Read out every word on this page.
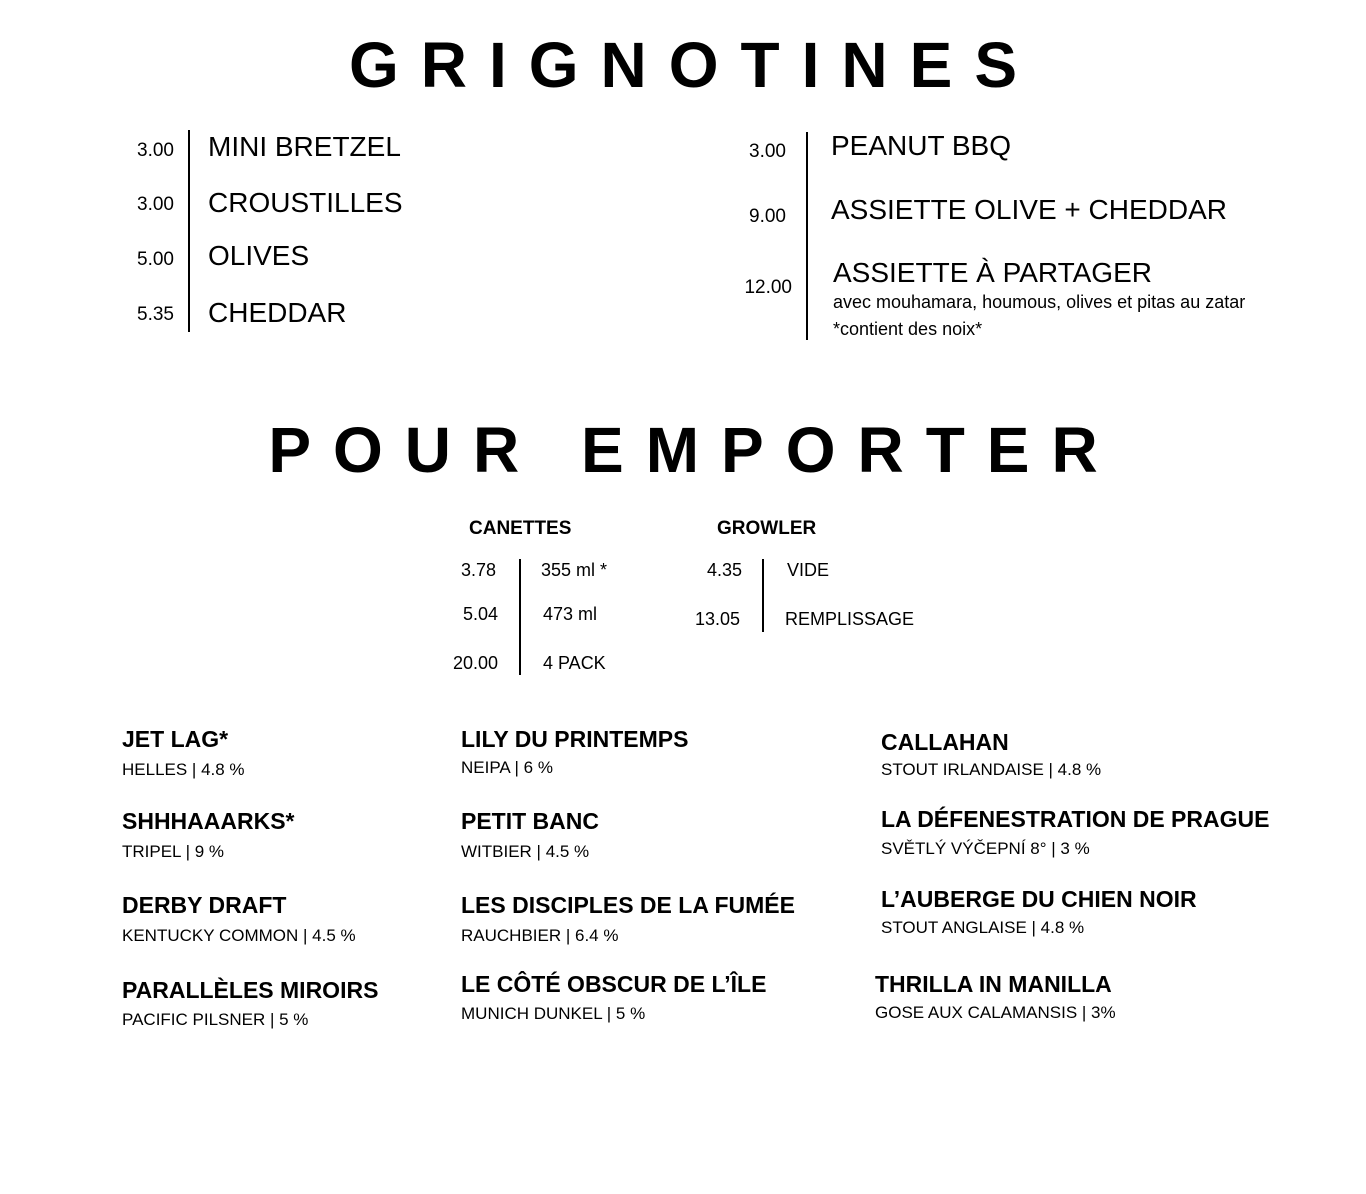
GRIGNOTINES
3.00 MINI BRETZEL
3.00 CROUSTILLES
5.00 OLIVES
5.35 CHEDDAR
3.00 PEANUT BBQ
9.00 ASSIETTE OLIVE + CHEDDAR
12.00 ASSIETTE À PARTAGER
avec mouhamara, houmous, olives et pitas au zatar
*contient des noix*
POUR EMPORTER
CANETTES	GROWLER
3.78	355 ml *
5.04	473 ml
20.00	4 PACK
4.35	VIDE
13.05	REMPLISSAGE
JET LAG*
HELLES | 4.8 %
SHHHAAARKS*
TRIPEL | 9 %
DERBY DRAFT
KENTUCKY COMMON | 4.5 %
PARALLÈLES MIROIRS
PACIFIC PILSNER | 5 %
LILY DU PRINTEMPS
NEIPA | 6 %
PETIT BANC
WITBIER | 4.5 %
LES DISCIPLES DE LA FUMÉE
RAUCHBIER | 6.4 %
LE CÔTÉ OBSCUR DE L’ÎLE
MUNICH DUNKEL | 5 %
CALLAHAN
STOUT IRLANDAISE | 4.8 %
LA DÉFENESTRATION DE PRAGUE
SVĚTLÝ VÝČEPNÍ 8° | 3 %
L’AUBERGE DU CHIEN NOIR
STOUT ANGLAISE | 4.8 %
THRILLA IN MANILLA
GOSE AUX CALAMANSIS | 3%
